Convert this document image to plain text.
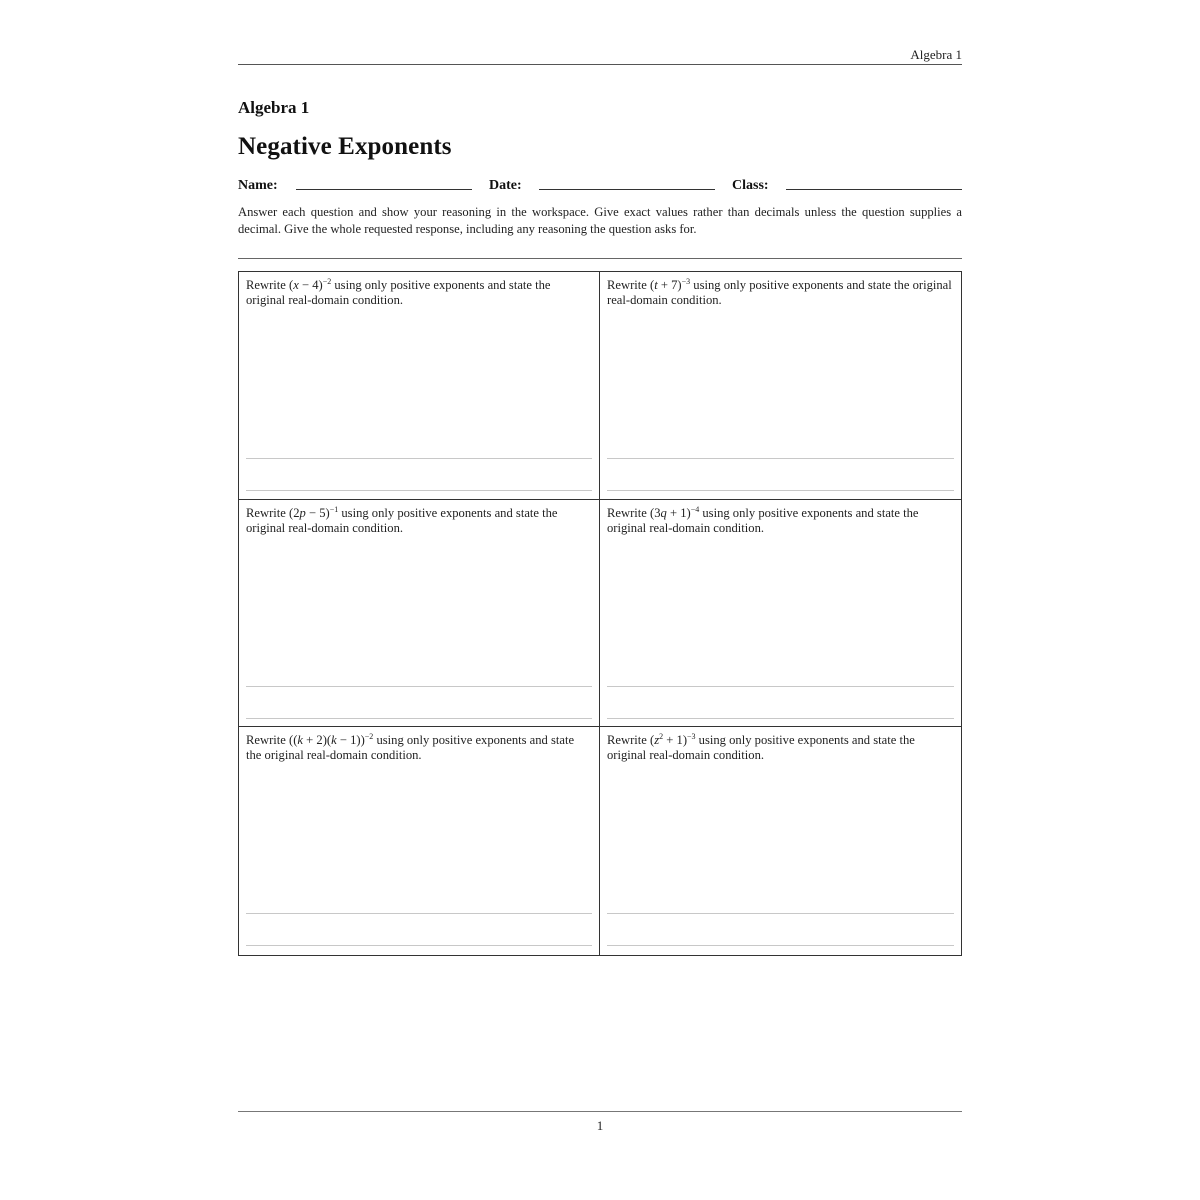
Algebra 1
Algebra 1
Negative Exponents
Name:	Date:	Class:
Answer each question and show your reasoning in the workspace. Give exact values rather than decimals unless the question supplies a decimal. Give the whole requested response, including any reasoning the question asks for.
Rewrite $(x - 4)^{-2}$ using only positive exponents and state the original real-domain condition.
Rewrite $(t + 7)^{-3}$ using only positive exponents and state the original real-domain condition.
Rewrite $(2p - 5)^{-1}$ using only positive exponents and state the original real-domain condition.
Rewrite $(3q + 1)^{-4}$ using only positive exponents and state the original real-domain condition.
Rewrite $((k + 2)(k - 1))^{-2}$ using only positive exponents and state the original real-domain condition.
Rewrite $(z^2 + 1)^{-3}$ using only positive exponents and state the original real-domain condition.
1
